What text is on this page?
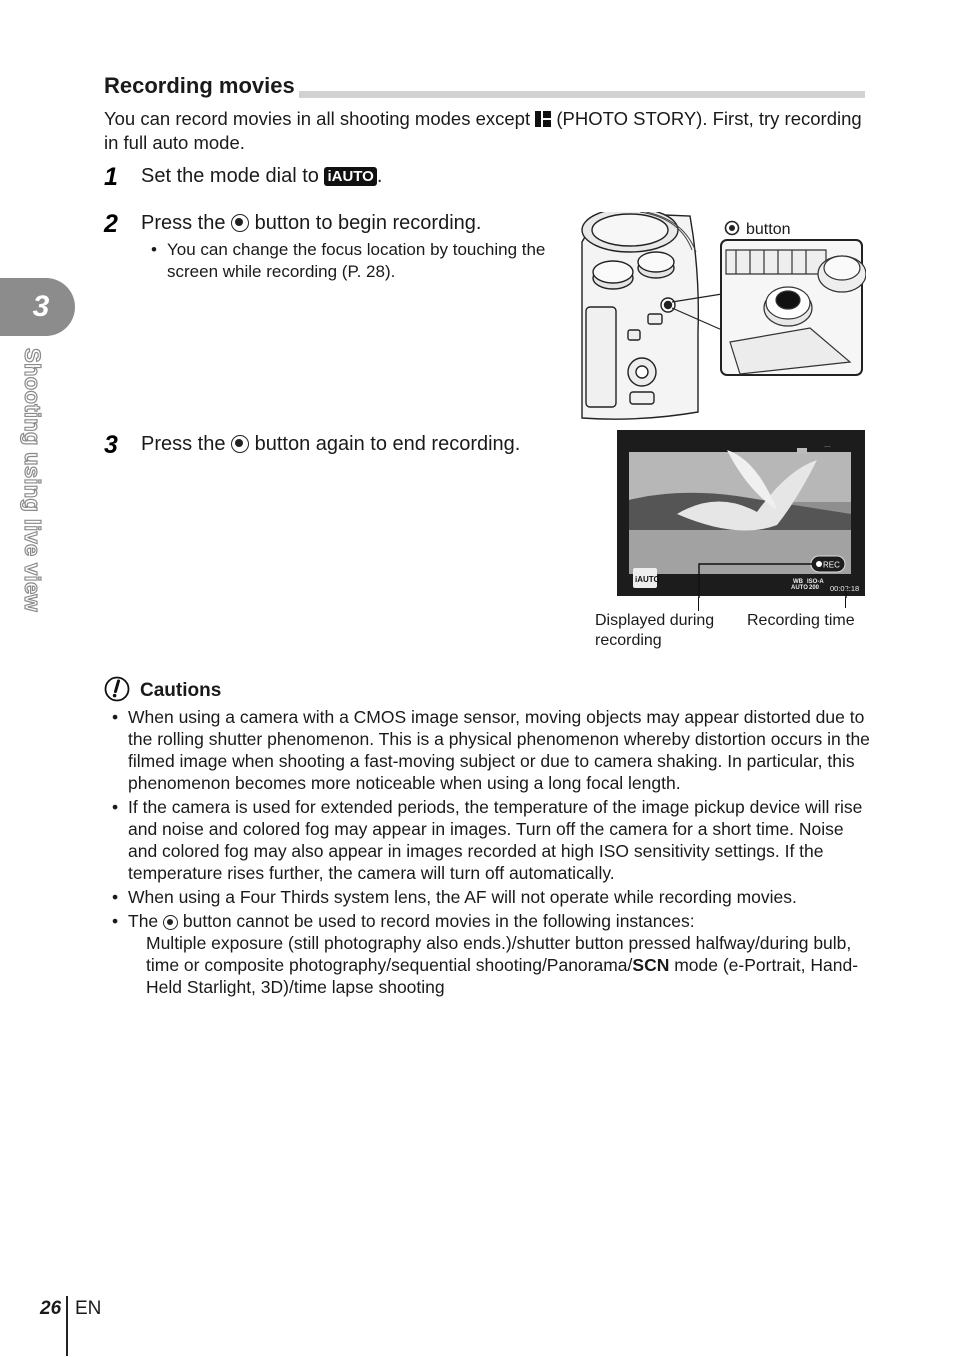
3
Shooting using live view
Recording movies
You can record movies in all shooting modes except (PHOTO STORY). First, try recording in full auto mode.
1 Set the mode dial to iAUTO .
2 Press the button to begin recording.
• You can change the focus location by touching the screen while recording (P. 28).
button
3 Press the button again to end recording.	⌒
REC
iAUTO	WB
AUTO
ISO-A
200 00:02:18
Displayed during recording
Recording time
Cautions
• When using a camera with a CMOS image sensor, moving objects may appear distorted due to the rolling shutter phenomenon. This is a physical phenomenon whereby distortion occurs in the filmed image when shooting a fast-moving subject or due to camera shaking. In particular, this phenomenon becomes more noticeable when using a long focal length.
• If the camera is used for extended periods, the temperature of the image pickup device will rise and noise and colored fog may appear in images. Turn off the camera for a short time. Noise and colored fog may also appear in images recorded at high ISO sensitivity settings. If the temperature rises further, the camera will turn off automatically.
• When using a Four Thirds system lens, the AF will not operate while recording movies.
• The button cannot be used to record movies in the following instances:
Multiple exposure (still photography also ends.)/shutter button pressed halfway/during bulb, time or composite photography/sequential shooting/Panorama/SCN mode (e-Portrait, Hand-Held Starlight, 3D)/time lapse shooting
26 EN
